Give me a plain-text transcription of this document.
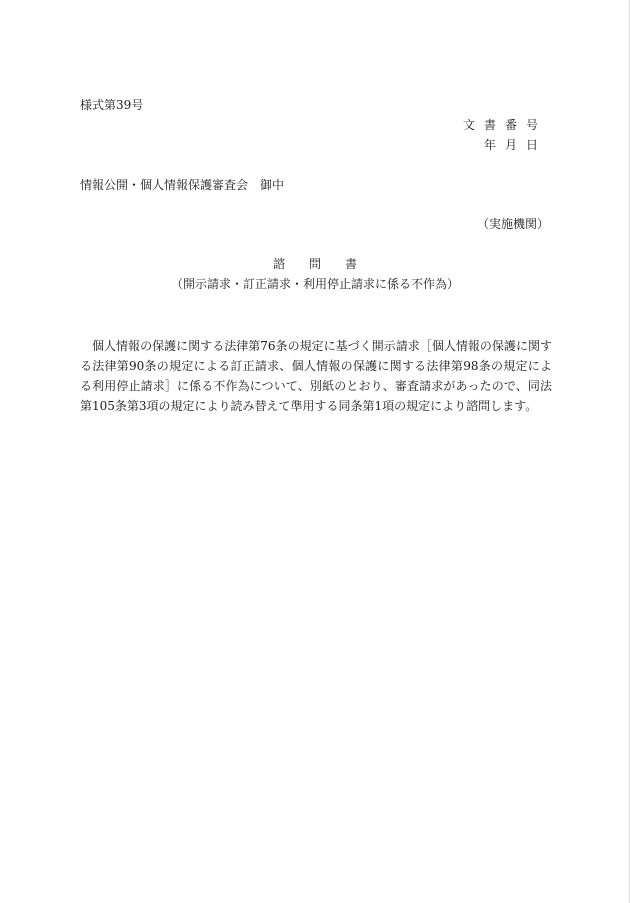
様式第39号
文書番号
年月日
情報公開・個人情報保護審査会　御中
（実施機関）
諮問書
（開示請求・訂正請求・利用停止請求に係る不作為）
個人情報の保護に関する法律第76条の規定に基づく開示請求［個人情報の保護に関する法律第90条の規定による訂正請求、個人情報の保護に関する法律第98条の規定による利用停止請求］に係る不作為について、別紙のとおり、審査請求があったので、同法第105条第3項の規定により読み替えて準用する同条第1項の規定により諮問します。
